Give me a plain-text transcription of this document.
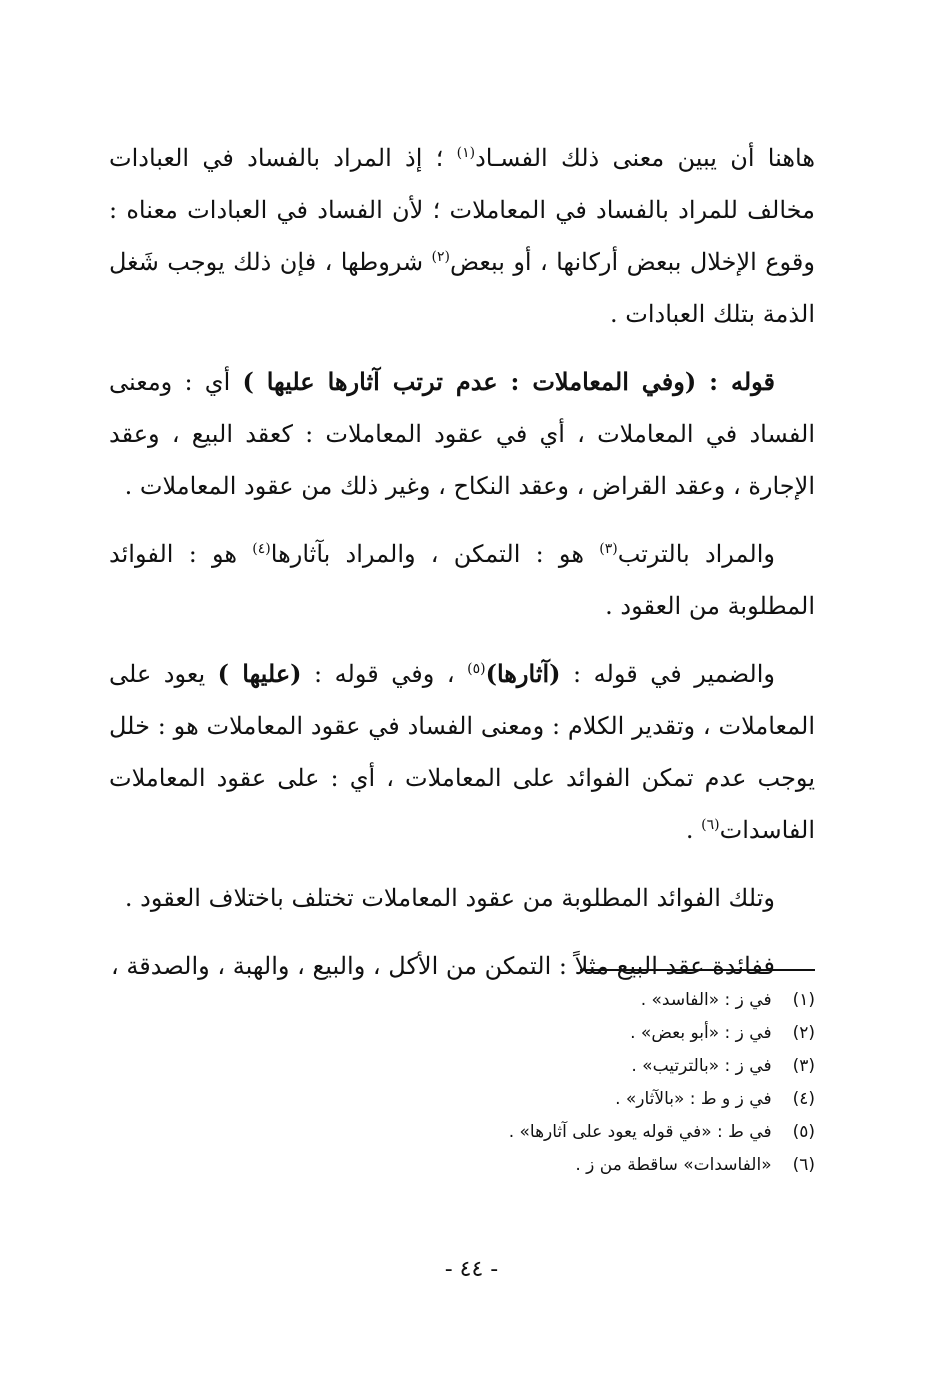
هاهنا أن يبين معنى ذلك الفسـاد$^{(١)}$ ؛ إذ المراد بالفساد في العبادات مخالف للمراد بالفساد في المعاملات ؛ لأن الفساد في العبادات معناه : وقوع الإخلال ببعض أركانها ، أو ببعض$^{(٢)}$ شروطها ، فإن ذلك يوجب شَغل الذمة بتلك العبادات .

قوله : (وفي المعاملات : عدم ترتب آثارها عليها ) أي : ومعنى الفساد في المعاملات ، أي في عقود المعاملات : كعقد البيع ، وعقد الإجارة ، وعقد القراض ، وعقد النكاح ، وغير ذلك من عقود المعاملات .

والمراد بالترتب$^{(٣)}$ هو : التمكن ، والمراد بآثارها$^{(٤)}$ هو : الفوائد المطلوبة من العقود .

والضمير في قوله : (آثارها)$^{(٥)}$ ، وفي قوله : (عليها ) يعود على المعاملات ، وتقدير الكلام : ومعنى الفساد في عقود المعاملات هو : خلل يوجب عدم تمكن الفوائد على المعاملات ، أي : على عقود المعاملات الفاسدات$^{(٦)}$ .

وتلك الفوائد المطلوبة من عقود المعاملات تختلف باختلاف العقود .

ففائدة عقد البيع مثلاً : التمكن من الأكل ، والبيع ، والهبة ، والصدقة ،

(١) في ز : «الفاسد» .
(٢) في ز : «أبو بعض» .
(٣) في ز : «بالترتيب» .
(٤) في ز و ط : «بالآثار» .
(٥) في ط : «في قوله يعود على آثارها» .
(٦) «الفاسدات» ساقطة من ز .
- ٤٤ -
